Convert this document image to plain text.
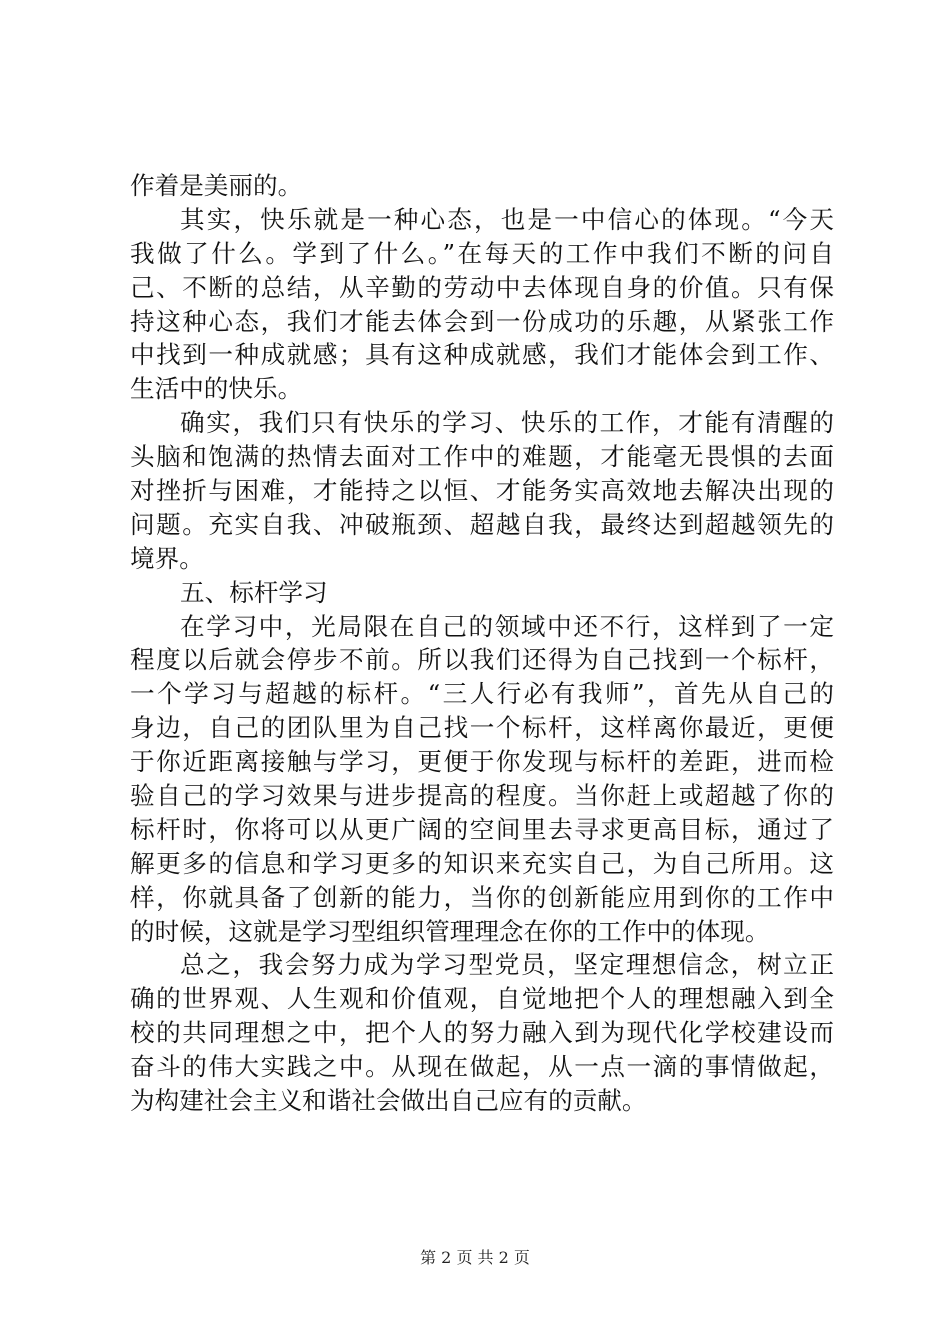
作着是美丽的。
其实，快乐就是一种心态，也是一中信心的体现。“今天
我做了什么。学到了什么。”在每天的工作中我们不断的问自
己、不断的总结，从辛勤的劳动中去体现自身的价值。只有保
持这种心态，我们才能去体会到一份成功的乐趣，从紧张工作
中找到一种成就感；具有这种成就感，我们才能体会到工作、
生活中的快乐。
确实，我们只有快乐的学习、快乐的工作，才能有清醒的
头脑和饱满的热情去面对工作中的难题，才能毫无畏惧的去面
对挫折与困难，才能持之以恒、才能务实高效地去解决出现的
问题。充实自我、冲破瓶颈、超越自我，最终达到超越领先的
境界。
五、标杆学习
在学习中，光局限在自己的领域中还不行，这样到了一定
程度以后就会停步不前。所以我们还得为自己找到一个标杆，
一个学习与超越的标杆。“三人行必有我师”，首先从自己的
身边，自己的团队里为自己找一个标杆，这样离你最近，更便
于你近距离接触与学习，更便于你发现与标杆的差距，进而检
验自己的学习效果与进步提高的程度。当你赶上或超越了你的
标杆时，你将可以从更广阔的空间里去寻求更高目标，通过了
解更多的信息和学习更多的知识来充实自己，为自己所用。这
样，你就具备了创新的能力，当你的创新能应用到你的工作中
的时候，这就是学习型组织管理理念在你的工作中的体现。
总之，我会努力成为学习型党员，坚定理想信念，树立正
确的世界观、人生观和价值观，自觉地把个人的理想融入到全
校的共同理想之中，把个人的努力融入到为现代化学校建设而
奋斗的伟大实践之中。从现在做起，从一点一滴的事情做起，
为构建社会主义和谐社会做出自己应有的贡献。
第 2 页 共 2 页
